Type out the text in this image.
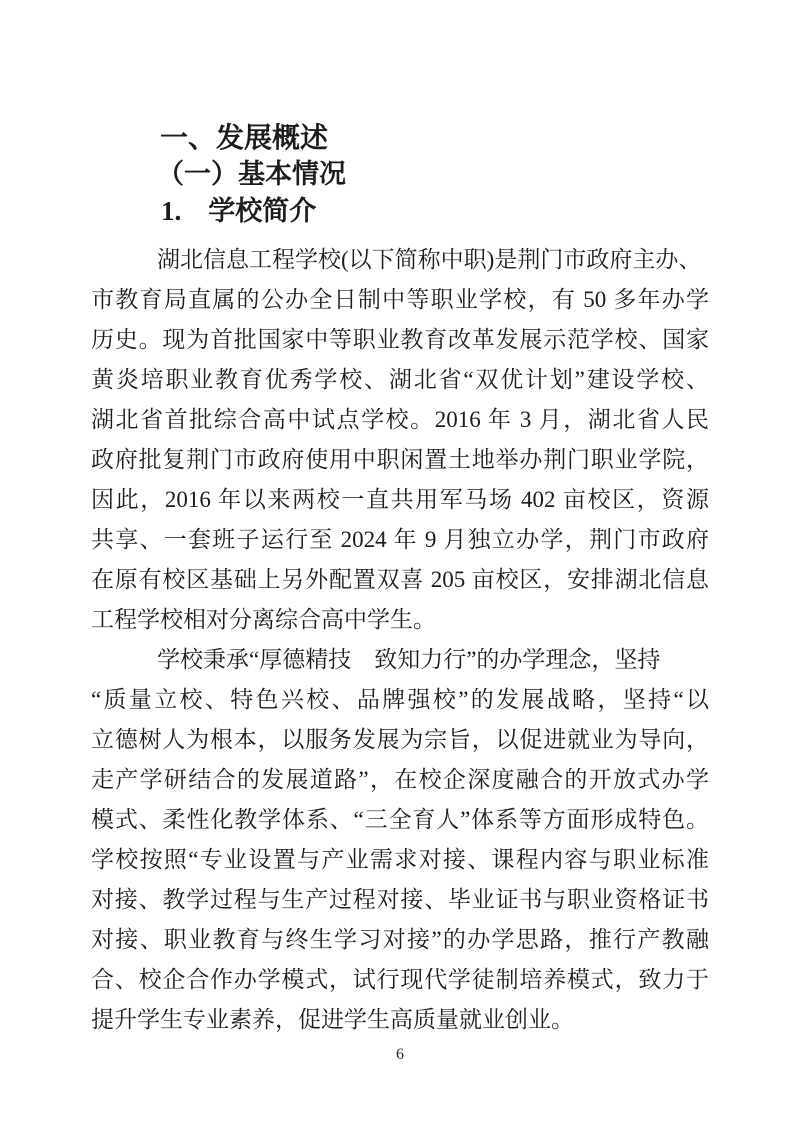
一、发展概述
（一）基本情况
1.　学校简介
湖北信息工程学校(以下简称中职)是荆门市政府主办、
市教育局直属的公办全日制中等职业学校，有 50 多年办学
历史。现为首批国家中等职业教育改革发展示范学校、国家
黄炎培职业教育优秀学校、湖北省“双优计划”建设学校、
湖北省首批综合高中试点学校。2016 年 3 月，湖北省人民
政府批复荆门市政府使用中职闲置土地举办荆门职业学院，
因此，2016 年以来两校一直共用军马场 402 亩校区，资源
共享、一套班子运行至 2024 年 9 月独立办学，荆门市政府
在原有校区基础上另外配置双喜 205 亩校区，安排湖北信息
工程学校相对分离综合高中学生。
学校秉承“厚德精技　致知力行”的办学理念，坚持
“质量立校、特色兴校、品牌强校”的发展战略，坚持“以
立德树人为根本，以服务发展为宗旨，以促进就业为导向，
走产学研结合的发展道路”，在校企深度融合的开放式办学
模式、柔性化教学体系、“三全育人”体系等方面形成特色。
学校按照“专业设置与产业需求对接、课程内容与职业标准
对接、教学过程与生产过程对接、毕业证书与职业资格证书
对接、职业教育与终生学习对接”的办学思路，推行产教融
合、校企合作办学模式，试行现代学徒制培养模式，致力于
提升学生专业素养，促进学生高质量就业创业。
6
